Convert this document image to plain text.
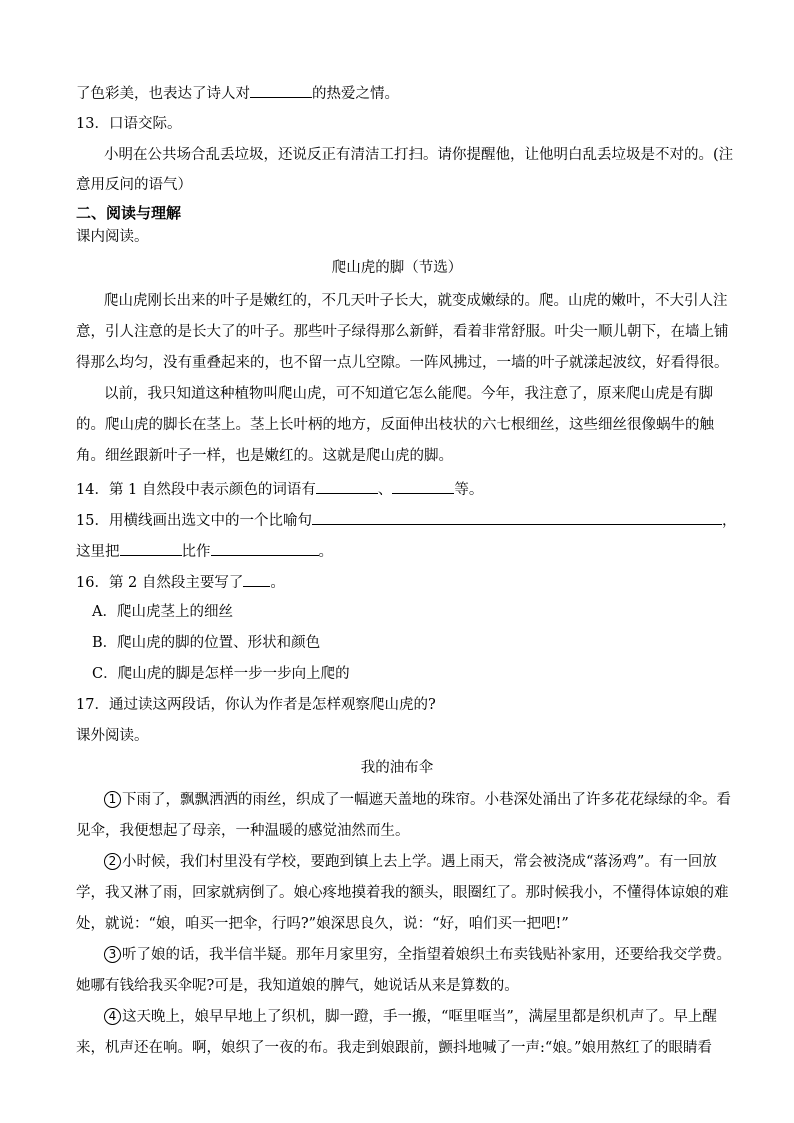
了色彩美，也表达了诗人对	的热爱之情。
13．口语交际。
小明在公共场合乱丢垃圾，还说反正有清洁工打扫。请你提醒他，让他明白乱丢垃圾是不对的。(注
意用反问的语气）
二、阅读与理解
课内阅读。
爬山虎的脚（节选）
爬山虎刚长出来的叶子是嫩红的，不几天叶子长大，就变成嫩绿的。爬。山虎的嫩叶，不大引人注
意，引人注意的是长大了的叶子。那些叶子绿得那么新鲜，看着非常舒服。叶尖一顺儿朝下，在墙上铺
得那么均匀，没有重叠起来的，也不留一点儿空隙。一阵风拂过，一墙的叶子就漾起波纹，好看得很。
以前，我只知道这种植物叫爬山虎，可不知道它怎么能爬。今年，我注意了，原来爬山虎是有脚
的。爬山虎的脚长在茎上。茎上长叶柄的地方，反面伸出枝状的六七根细丝，这些细丝很像蜗牛的触
角。细丝跟新叶子一样，也是嫩红的。这就是爬山虎的脚。
14．第 1 自然段中表示颜色的词语有	、	等。
15．用横线画出选文中的一个比喻句	，
这里把	比作	。
16．第 2 自然段主要写了 。
A．爬山虎茎上的细丝
B．爬山虎的脚的位置、形状和颜色
C．爬山虎的脚是怎样一步一步向上爬的
17．通过读这两段话，你认为作者是怎样观察爬山虎的?
课外阅读。
我的油布伞
1 下雨了，飘飘洒洒的雨丝，织成了一幅遮天盖地的珠帘。小巷深处涌出了许多花花绿绿的伞。看
见伞，我便想起了母亲，一种温暖的感觉油然而生。
2 小时候，我们村里没有学校，要跑到镇上去上学。遇上雨天，常会被浇成“落汤鸡”。有一回放
学，我又淋了雨，回家就病倒了。娘心疼地摸着我的额头，眼圈红了。那时候我小，不懂得体谅娘的难
处，就说：“娘，咱买一把伞，行吗?”娘深思良久，说：“好，咱们买一把吧!”
3 听了娘的话，我半信半疑。那年月家里穷，全指望着娘织土布卖钱贴补家用，还要给我交学费。
她哪有钱给我买伞呢?可是，我知道娘的脾气，她说话从来是算数的。
4 这天晚上，娘早早地上了织机，脚一蹬，手一搬，“哐里哐当”，满屋里都是织机声了。早上醒
来，机声还在响。啊，娘织了一夜的布。我走到娘跟前，颤抖地喊了一声:“娘。”娘用熬红了的眼睛看
